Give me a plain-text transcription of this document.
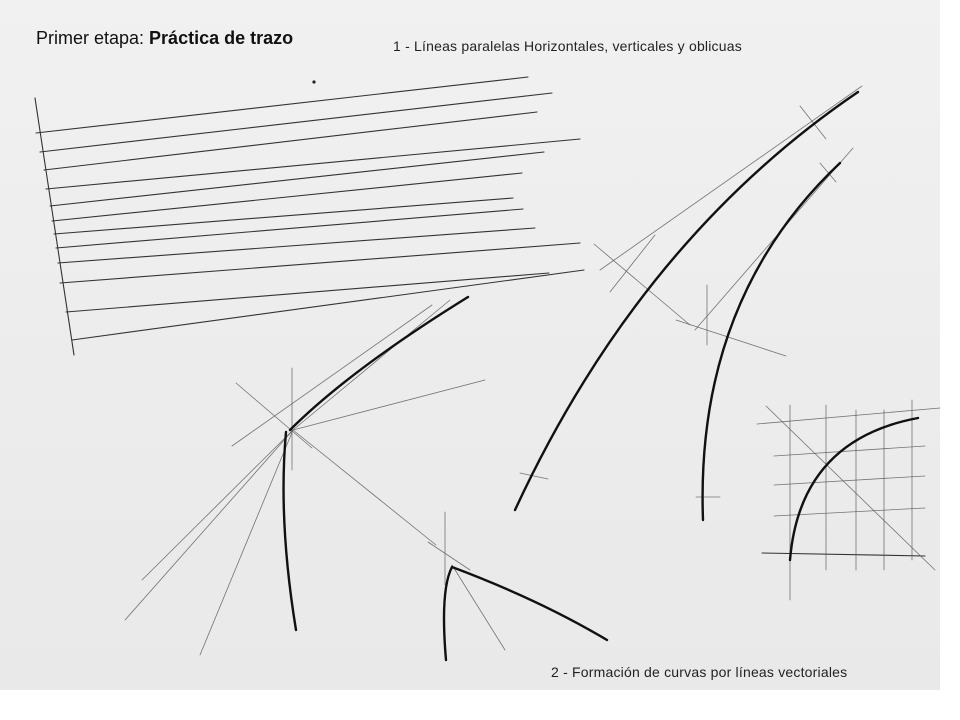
Primer etapa: Práctica de trazo	1 - Líneas paralelas Horizontales, verticales y oblicuas
2 - Formación de curvas por líneas vectoriales
